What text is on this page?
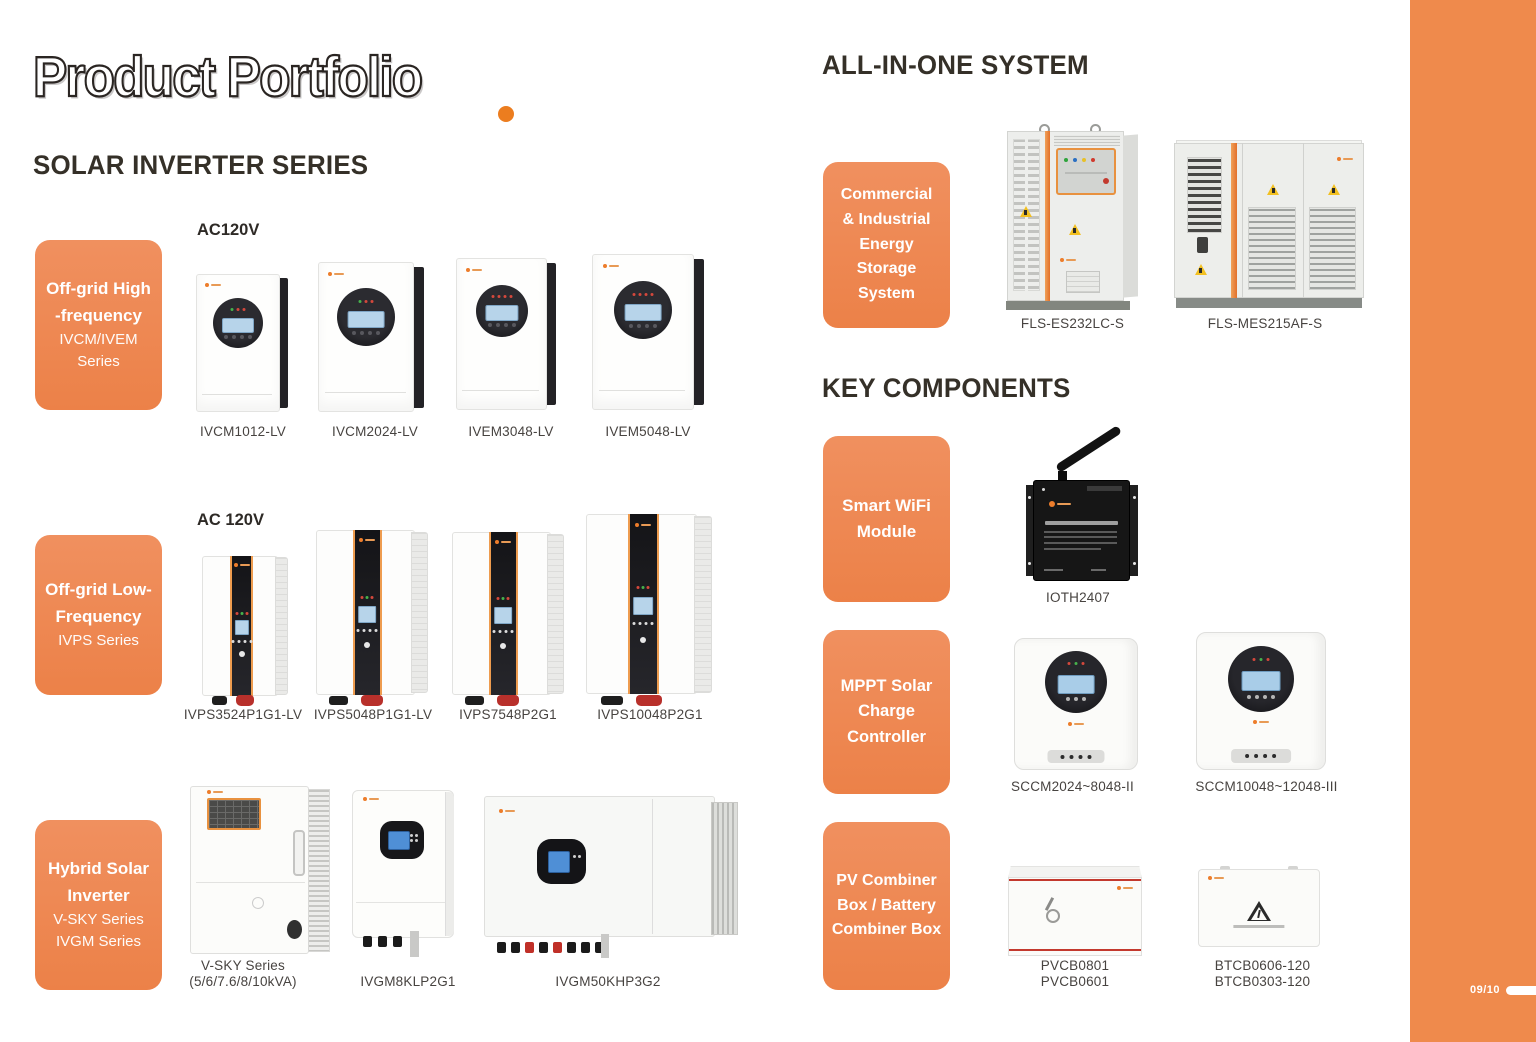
Product Portfolio
SOLAR INVERTER SERIES
AC120V
Off-grid High
-frequency
IVCM/IVEM
Series
IVCM1012-LV	IVCM2024-LV	IVEM3048-LV	IVEM5048-LV
AC 120V
Off-grid Low-
Frequency
IVPS Series
IVPS3524P1G1-LV IVPS5048P1G1-LV	IVPS7548P2G1	IVPS10048P2G1
Hybrid Solar
Inverter
V-SKY Series
IVGM Series
V-SKY Series
(5/6/7.6/8/10kVA)	IVGM8KLP2G1	IVGM50KHP3G2
ALL-IN-ONE SYSTEM
Commercial
& Industrial
Energy
Storage
System
FLS-ES232LC-S	FLS-MES215AF-S
KEY COMPONENTS
Smart WiFi
Module
IOTH2407
MPPT Solar
Charge
Controller
SCCM2024~8048-II	SCCM10048~12048-III
PV Combiner
Box / Battery
Combiner Box
PVCB0801
PVCB0601
BTCB0606-120
BTCB0303-120
09/10
